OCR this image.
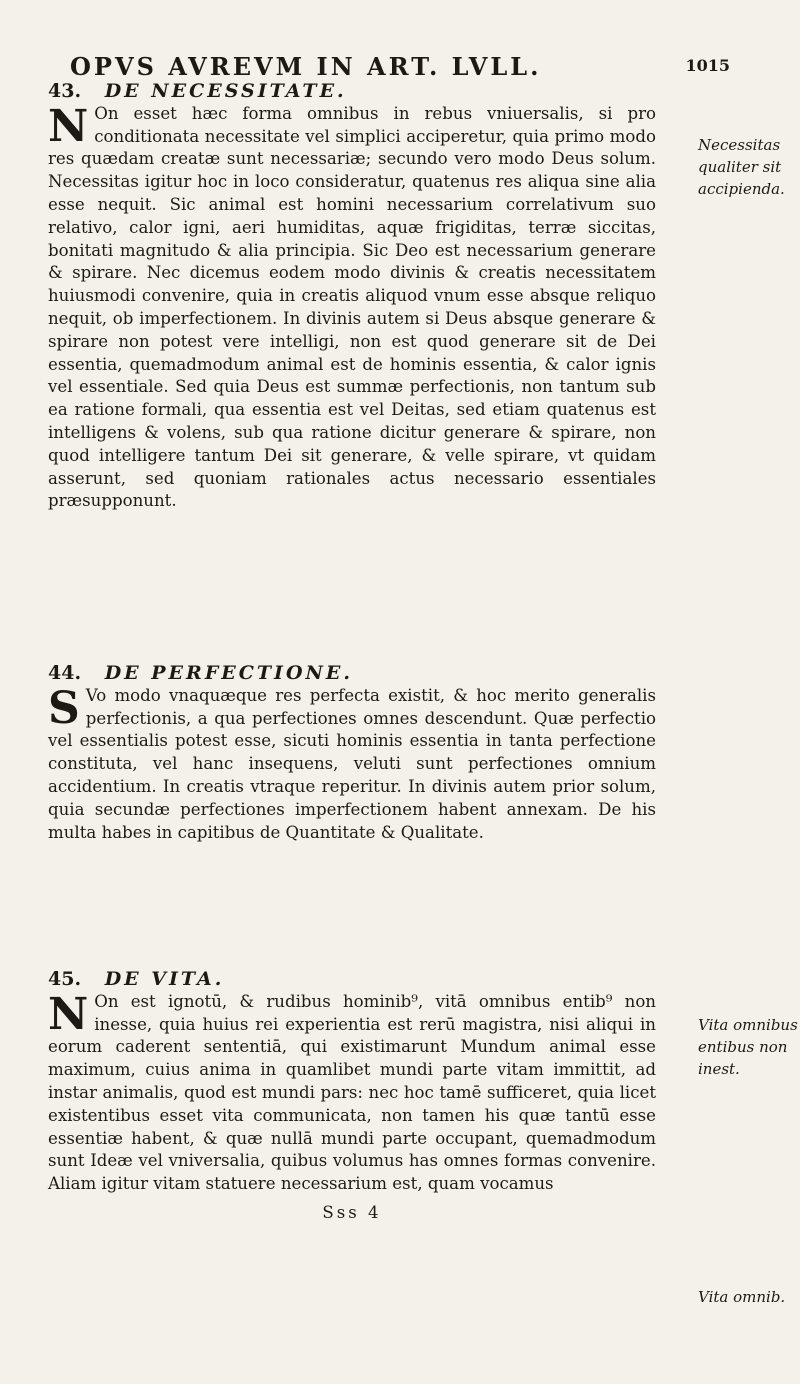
OPVS AVREVM IN ART. LVLL.	1015
43. DE NECESSITATE.

N On esset hæc forma omnibus in rebus vniuersalis, si pro conditionata necessitate vel simplici acciperetur, quia primo modo res quædam creatæ sunt necessariæ; secundo vero modo Deus solum. Necessitas igitur hoc in loco consideratur, quatenus res aliqua sine alia esse nequit. Sic animal est homini necessarium correlativum suo relativo, calor igni, aeri humiditas, aquæ frigiditas, terræ siccitas, bonitati magnitudo & alia principia. Sic Deo est necessarium generare & spirare. Nec dicemus eodem modo divinis & creatis necessitatem huiusmodi convenire, quia in creatis aliquod vnum esse absque reliquo nequit, ob imperfectionem. In divinis autem si Deus absque generare & spirare non potest vere intelligi, non est quod generare sit de Dei essentia, quemadmodum animal est de hominis essentia, & calor ignis vel essentiale. Sed quia Deus est summæ perfectionis, non tantum sub ea ratione formali, qua essentia est vel Deitas, sed etiam quatenus est intelligens & volens, sub qua ratione dicitur generare & spirare, non quod intelligere tantum Dei sit generare, & velle spirare, vt quidam asserunt, sed quoniam rationales actus necessario essentiales præsupponunt.

44. DE PERFECTIONE.

S Vo modo vnaquæque res perfecta existit, & hoc merito generalis perfectionis, a qua perfectiones omnes descendunt. Quæ perfectio vel essentialis potest esse, sicuti hominis essentia in tanta perfectione constituta, vel hanc insequens, veluti sunt perfectiones omnium accidentium. In creatis vtraque reperitur. In divinis autem prior solum, quia secundæ perfectiones imperfectionem habent annexam. De his multa habes in capitibus de Quantitate & Qualitate.

45. DE VITA.

N On est ignotū, & rudibus hominib⁹, vitā omnibus entib⁹ non inesse, quia huius rei experientia est rerū magistra, nisi aliqui in eorum caderent sententiā, qui existimarunt Mundum animal esse maximum, cuius anima in quamlibet mundi parte vitam immittit, ad instar animalis, quod est mundi pars: nec hoc tamē sufficeret, quia licet existentibus esset vita communicata, non tamen his quæ tantū esse essentiæ habent, & quæ nullā mundi parte occupant, quemadmodum sunt Ideæ vel vniversalia, quibus volumus has omnes formas convenire. Aliam igitur vitam statuere necessarium est, quam vocamus

Sss 4
Necessitas qualiter sit accipienda.
Vita omnibus entibus non inest.
Vita omnib.
